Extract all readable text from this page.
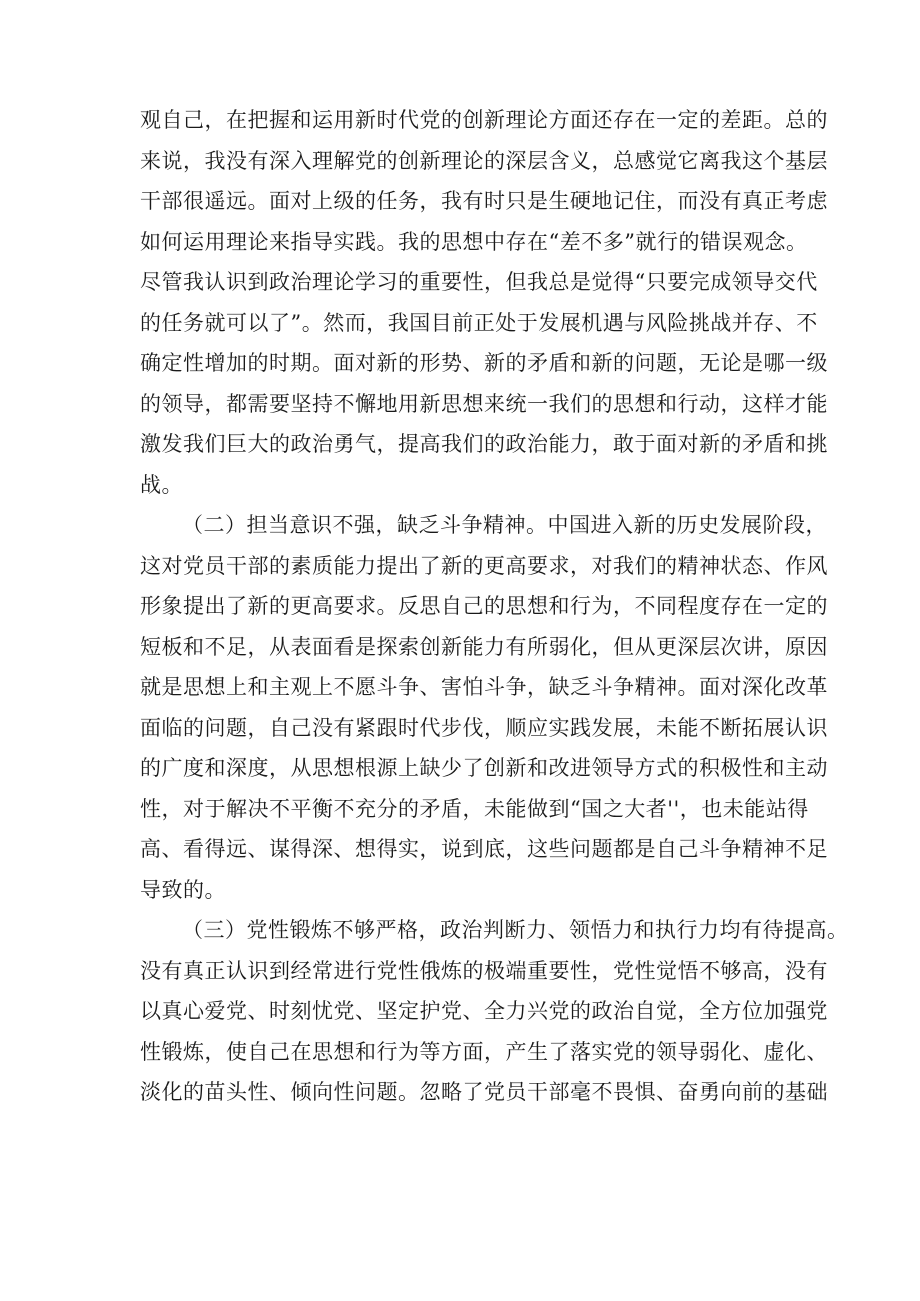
观自己，在把握和运用新时代党的创新理论方面还存在一定的差距。总的
来说，我没有深入理解党的创新理论的深层含义，总感觉它离我这个基层
干部很遥远。面对上级的任务，我有时只是生硬地记住，而没有真正考虑
如何运用理论来指导实践。我的思想中存在“差不多”就行的错误观念。
尽管我认识到政治理论学习的重要性，但我总是觉得“只要完成领导交代
的任务就可以了”。然而，我国目前正处于发展机遇与风险挑战并存、不
确定性增加的时期。面对新的形势、新的矛盾和新的问题，无论是哪一级
的领导，都需要坚持不懈地用新思想来统一我们的思想和行动，这样才能
激发我们巨大的政治勇气，提高我们的政治能力，敢于面对新的矛盾和挑
战。
（二）担当意识不强，缺乏斗争精神。中国进入新的历史发展阶段，
这对党员干部的素质能力提出了新的更高要求，对我们的精神状态、作风
形象提出了新的更高要求。反思自己的思想和行为，不同程度存在一定的
短板和不足，从表面看是探索创新能力有所弱化，但从更深层次讲，原因
就是思想上和主观上不愿斗争、害怕斗争，缺乏斗争精神。面对深化改革
面临的问题，自己没有紧跟时代步伐，顺应实践发展，未能不断拓展认识
的广度和深度，从思想根源上缺少了创新和改进领导方式的积极性和主动
性，对于解决不平衡不充分的矛盾，未能做到“国之大者''，也未能站得
高、看得远、谋得深、想得实，说到底，这些问题都是自己斗争精神不足
导致的。
（三）党性锻炼不够严格，政治判断力、领悟力和执行力均有待提高。
没有真正认识到经常进行党性俄炼的极端重要性，党性觉悟不够高，没有
以真心爱党、时刻忧党、坚定护党、全力兴党的政治自觉，全方位加强党
性锻炼，使自己在思想和行为等方面，产生了落实党的领导弱化、虚化、
淡化的苗头性、倾向性问题。忽略了党员干部毫不畏惧、奋勇向前的基础
